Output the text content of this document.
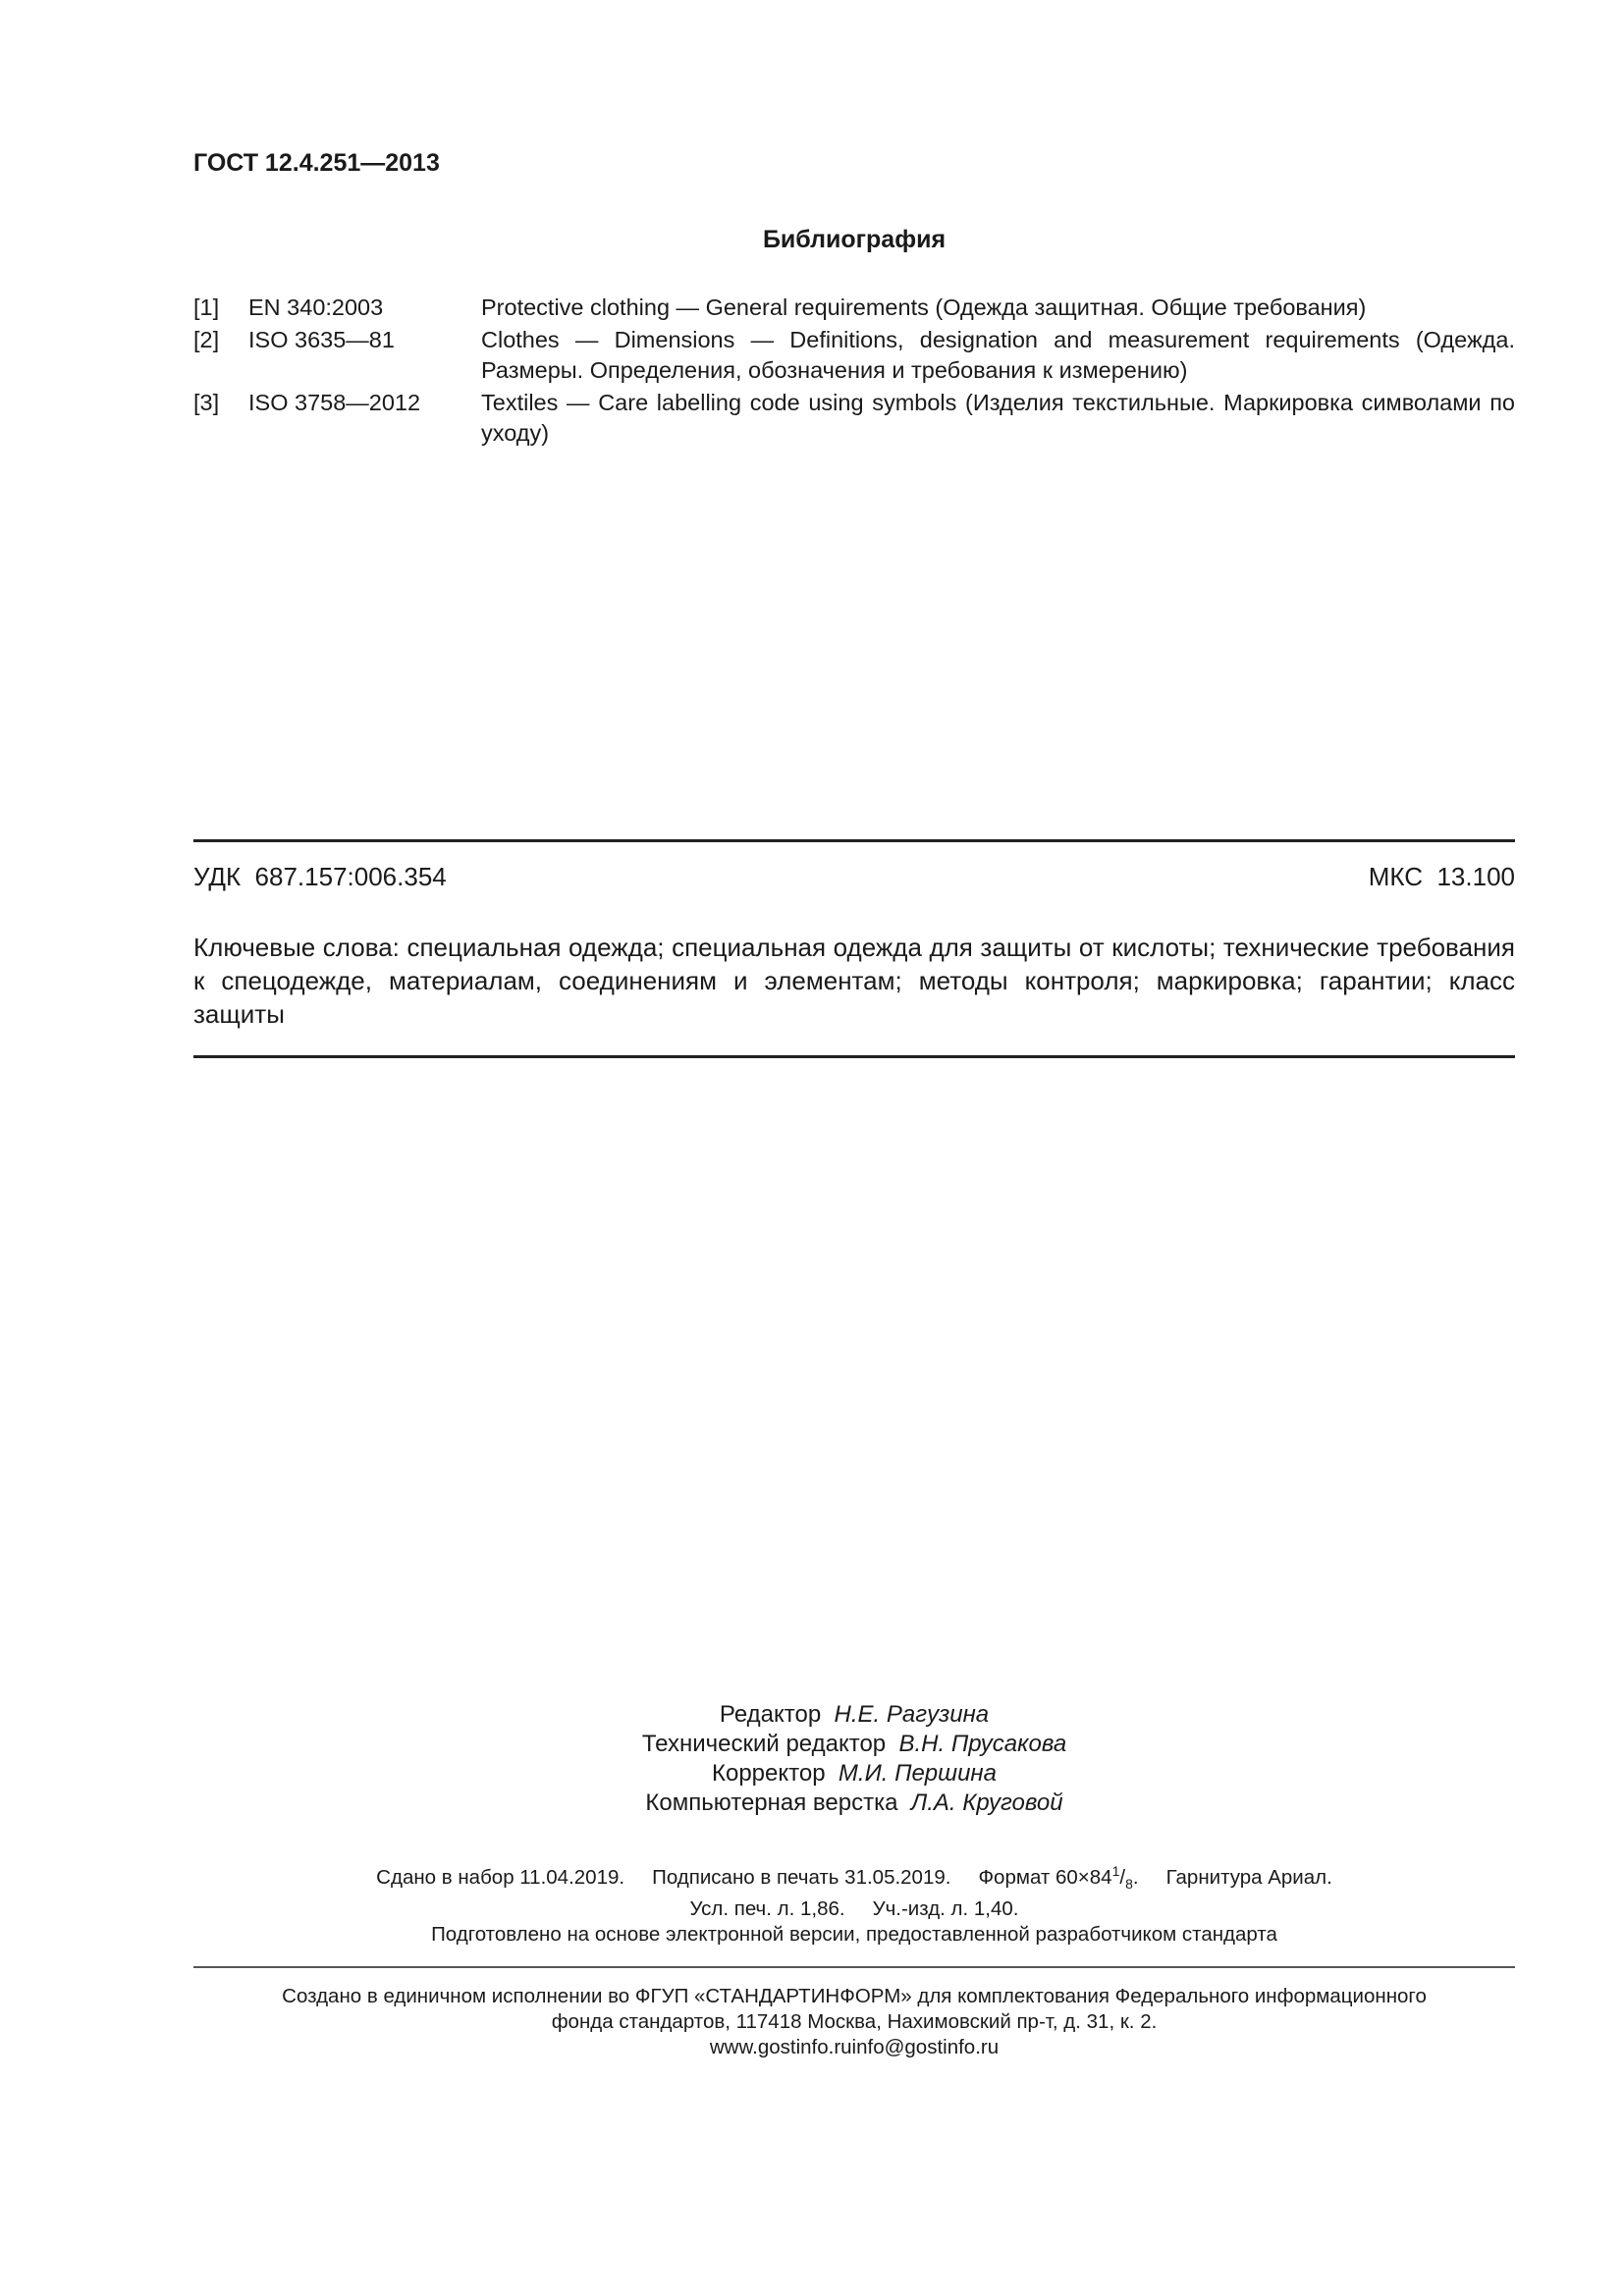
ГОСТ 12.4.251—2013
Библиография
[1]	EN 340:2003	Protective clothing — General requirements (Одежда защитная. Общие требования)
[2]	ISO 3635—81	Clothes — Dimensions — Definitions, designation and measurement requirements (Одежда. Размеры. Определения, обозначения и требования к измерению)
[3]	ISO 3758—2012	Textiles — Care labelling code using symbols (Изделия текстильные. Маркировка символами по уходу)
УДК  687.157:006.354	МКС  13.100
Ключевые слова: специальная одежда; специальная одежда для защиты от кислоты; технические требования к спецодежде, материалам, соединениям и элементам; методы контроля; маркировка; гарантии; класс защиты
Редактор Н.Е. Рагузина
Технический редактор В.Н. Прусакова
Корректор М.И. Першина
Компьютерная верстка Л.А. Круговой
Сдано в набор 11.04.2019. Подписано в печать 31.05.2019. Формат $60\times 84^1/_8$. Гарнитура Ариал.
Усл. печ. л. 1,86. Уч.-изд. л. 1,40.
Подготовлено на основе электронной версии, предоставленной разработчиком стандарта
Создано в единичном исполнении во ФГУП «СТАНДАРТИНФОРМ» для комплектования Федерального информационного
фонда стандартов, 117418 Москва, Нахимовский пр-т, д. 31, к. 2.
www.gostinfo.ruinfo@gostinfo.ru
